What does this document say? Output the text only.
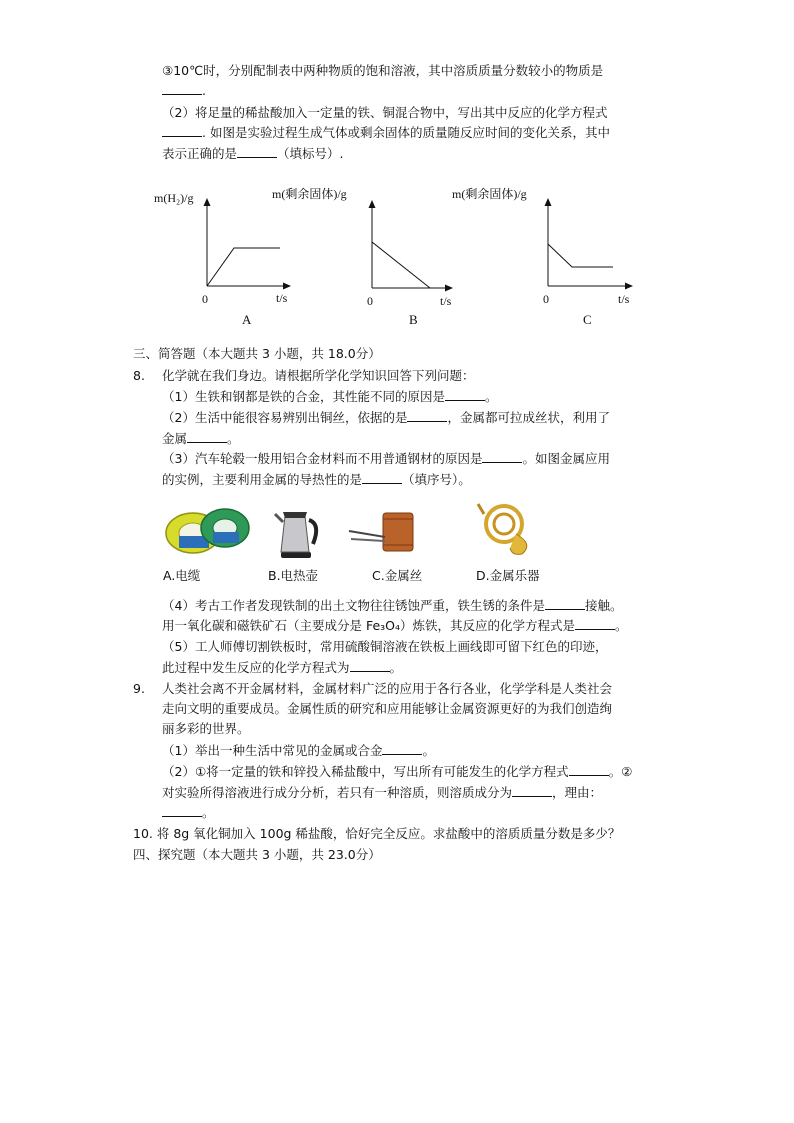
③10℃时，分别配制表中两种物质的饱和溶液，其中溶质质量分数较小的物质是
.
（2）将足量的稀盐酸加入一定量的铁、铜混合物中，写出其中反应的化学方程式
. 如图是实验过程生成气体或剩余固体的质量随反应时间的变化关系，其中
表示正确的是	（填标号）.
m(H₂)/g
0	t/s
A
m(剩余固体)/g
0	t/s
B
m(剩余固体)/g
0	t/s
C
三、简答题（本大题共 3 小题，共 18.0分）
8. 化学就在我们身边。请根据所学化学知识回答下列问题：
（1）生铁和钢都是铁的合金，其性能不同的原因是	。
（2）生活中能很容易辨别出铜丝，依据的是	，金属都可拉成丝状，利用了
金属	。
（3）汽车轮毂一般用铝合金材料而不用普通钢材的原因是	。如图金属应用
的实例，主要利用金属的导热性的是	（填序号）。
A.电缆	B.电热壶	C.金属丝	D.金属乐器
（4）考古工作者发现铁制的出土文物往往锈蚀严重，铁生锈的条件是	接触。
用一氧化碳和磁铁矿石（主要成分是 Fe₃O₄）炼铁，其反应的化学方程式是	。
（5）工人师傅切割铁板时，常用硫酸铜溶液在铁板上画线即可留下红色的印迹，
此过程中发生反应的化学方程式为	。
9. 人类社会离不开金属材料，金属材料广泛的应用于各行各业，化学学科是人类社会
走向文明的重要成员。金属性质的研究和应用能够让金属资源更好的为我们创造绚
丽多彩的世界。
（1）举出一种生活中常见的金属或合金	。
（2）①将一定量的铁和锌投入稀盐酸中，写出所有可能发生的化学方程式	。②
对实验所得溶液进行成分分析，若只有一种溶质，则溶质成分为	，理由：
。
10. 将 8g 氧化铜加入 100g 稀盐酸，恰好完全反应。求盐酸中的溶质质量分数是多少？
四、探究题（本大题共 3 小题，共 23.0分）
